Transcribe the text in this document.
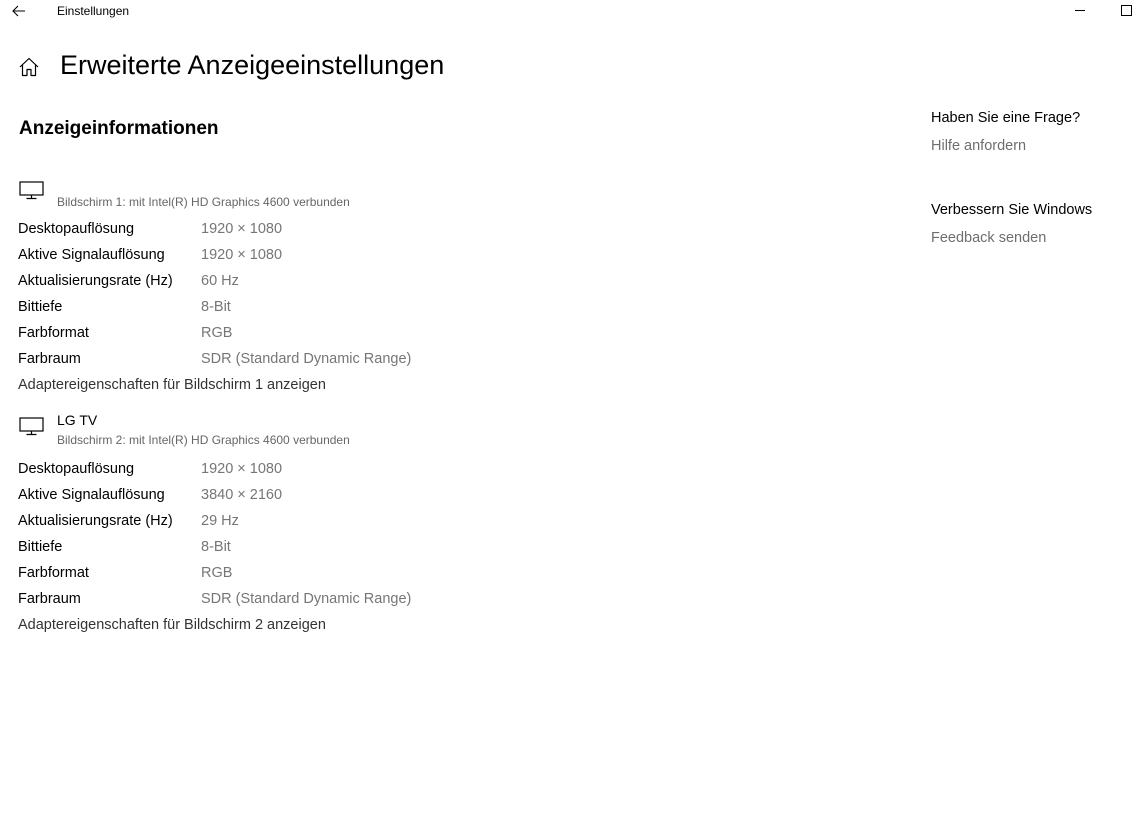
Einstellungen
Erweiterte Anzeigeeinstellungen
Anzeigeinformationen
Bildschirm 1: mit Intel(R) HD Graphics 4600 verbunden
Desktopauflösung	1920 × 1080
Aktive Signalauflösung	1920 × 1080
Aktualisierungsrate (Hz) 60 Hz
Bittiefe	8-Bit
Farbformat	RGB
Farbraum	SDR (Standard Dynamic Range)
Adaptereigenschaften für Bildschirm 1 anzeigen
LG TV
Bildschirm 2: mit Intel(R) HD Graphics 4600 verbunden
Desktopauflösung	1920 × 1080
Aktive Signalauflösung	3840 × 2160
Aktualisierungsrate (Hz) 29 Hz
Bittiefe	8-Bit
Farbformat	RGB
Farbraum	SDR (Standard Dynamic Range)
Adaptereigenschaften für Bildschirm 2 anzeigen
Haben Sie eine Frage?
Hilfe anfordern
Verbessern Sie Windows
Feedback senden
